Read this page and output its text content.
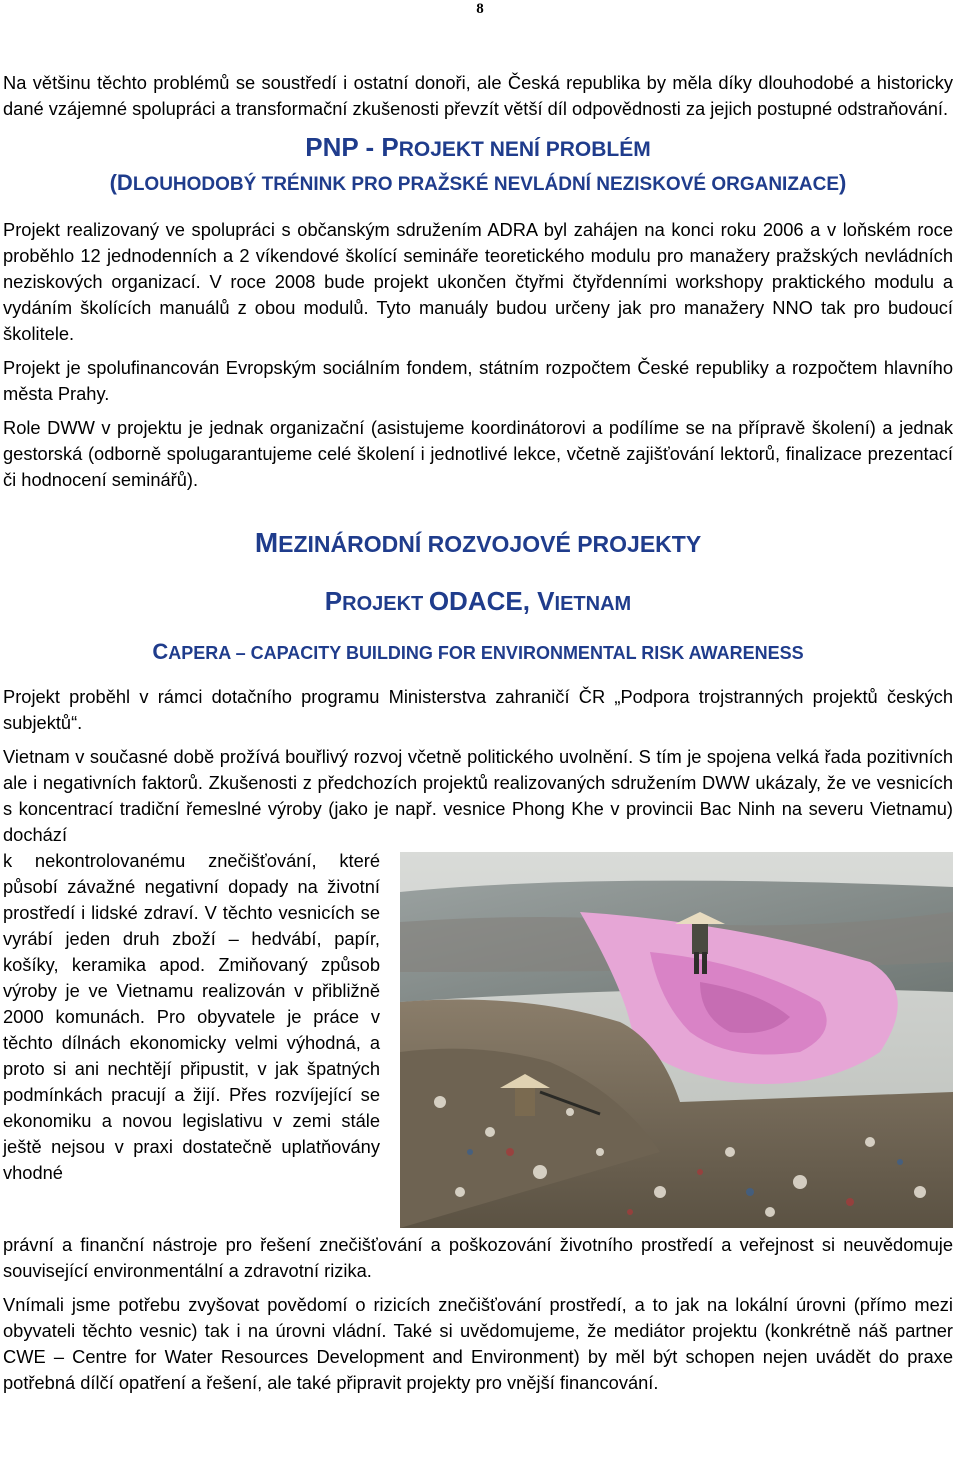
8

Na většinu těchto problémů se soustředí i ostatní donoři, ale Česká republika by měla díky dlouhodobé a historicky dané vzájemné spolupráci a transformační zkušenosti převzít větší díl odpovědnosti za jejich postupné odstraňování.

PNP - PROJEKT NENÍ PROBLÉM
(DLOUHODOBÝ TRÉNINK PRO PRAŽSKÉ NEVLÁDNÍ NEZISKOVÉ ORGANIZACE)

Projekt realizovaný ve spolupráci s občanským sdružením ADRA byl zahájen na konci roku 2006 a v loňském roce proběhlo 12 jednodenních a 2 víkendové školící semináře teoretického modulu pro manažery pražských nevládních neziskových organizací. V roce 2008 bude projekt ukončen čtyřmi čtyřdenními workshopy praktického modulu a vydáním školících manuálů z obou modulů. Tyto manuály budou určeny jak pro manažery NNO tak pro budoucí školitele.

Projekt je spolufinancován Evropským sociálním fondem, státním rozpočtem České republiky a rozpočtem hlavního města Prahy.

Role DWW v projektu je jednak organizační (asistujeme koordinátorovi a podílíme se na přípravě školení) a jednak gestorská (odborně spolugarantujeme celé školení i jednotlivé lekce, včetně zajišťování lektorů, finalizace prezentací či hodnocení seminářů).

MEZINÁRODNÍ ROZVOJOVÉ PROJEKTY
PROJEKT ODACE, VIETNAM
CAPERA – CAPACITY BUILDING FOR ENVIRONMENTAL RISK AWARENESS

Projekt proběhl v rámci dotačního programu Ministerstva zahraničí ČR „Podpora trojstranných projektů českých subjektů“.

Vietnam v současné době prožívá bouřlivý rozvoj včetně politického uvolnění. S tím je spojena velká řada pozitivních ale i negativních faktorů. Zkušenosti z předchozích projektů realizovaných sdružením DWW ukázaly, že ve vesnicích s koncentrací tradiční řemeslné výroby (jako je např. vesnice Phong Khe v provincii Bac Ninh na severu Vietnamu) dochází

k nekontrolovanému znečišťování, které působí závažné negativní dopady na životní prostředí i lidské zdraví. V těchto vesnicích se vyrábí jeden druh zboží – hedvábí, papír, košíky, keramika apod. Zmiňovaný způsob výroby je ve Vietnamu realizován v přibližně 2000 komunách. Pro obyvatele je práce v těchto dílnách ekonomicky velmi výhodná, a proto si ani nechtějí připustit, v jak špatných podmínkách pracují a žijí. Přes rozvíjející se ekonomiku a novou legislativu v zemi stále ještě nejsou v praxi dostatečně uplatňovány vhodné

právní a finanční nástroje pro řešení znečišťování a poškozování životního prostředí a veřejnost si neuvědomuje související environmentální a zdravotní rizika.

Vnímali jsme potřebu zvyšovat povědomí o rizicích znečišťování prostředí, a to jak na lokální úrovni (přímo mezi obyvateli těchto vesnic) tak i na úrovni vládní. Také si uvědomujeme, že mediátor projektu (konkrétně náš partner CWE – Centre for Water Resources Development and Environment) by měl být schopen nejen uvádět do praxe potřebná dílčí opatření a řešení, ale také připravit projekty pro vnější financování.
